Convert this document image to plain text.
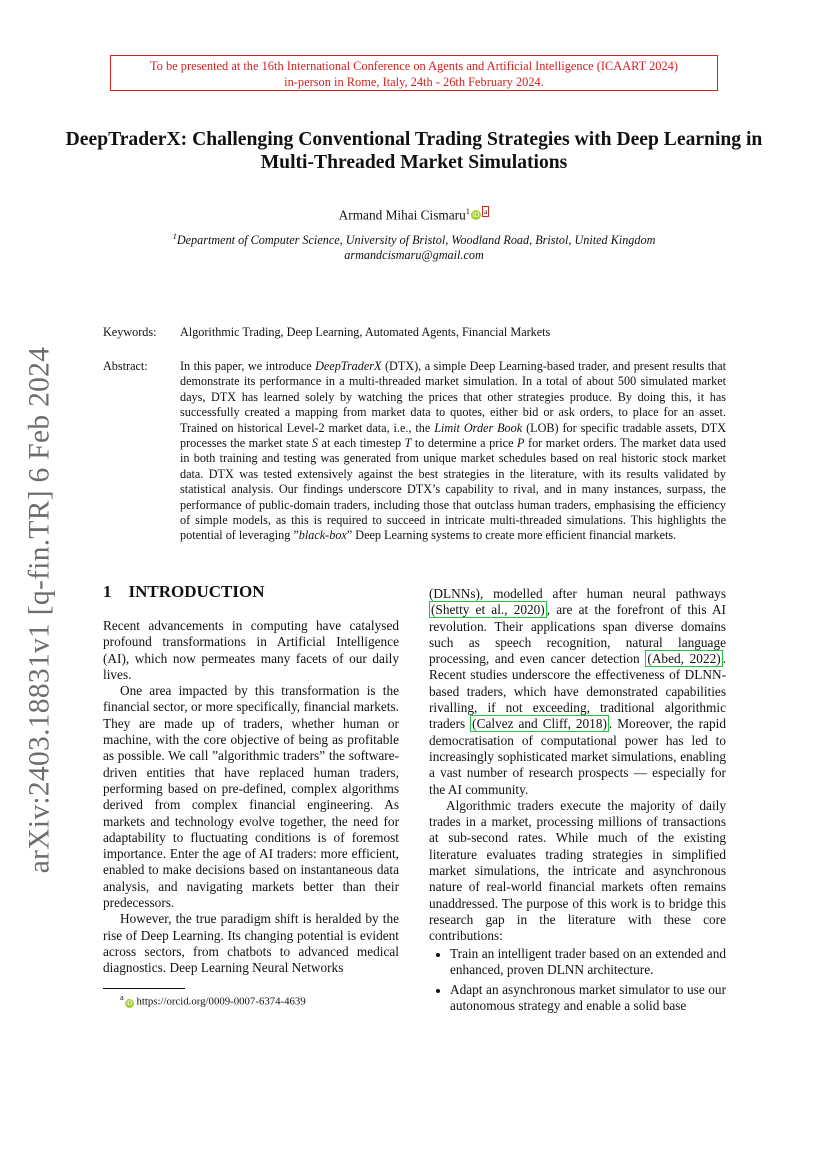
arXiv:2403.18831v1 [q-fin.TR] 6 Feb 2024
To be presented at the 16th International Conference on Agents and Artificial Intelligence (ICAART 2024)
in-person in Rome, Italy, 24th - 26th February 2024.
DeepTraderX: Challenging Conventional Trading Strategies with Deep Learning in Multi-Threaded Market Simulations
Armand Mihai Cismaru$^1$ iD a
$^1$Department of Computer Science, University of Bristol, Woodland Road, Bristol, United Kingdom
armandcismaru@gmail.com
Keywords: Algorithmic Trading, Deep Learning, Automated Agents, Financial Markets
Abstract:	In this paper, we introduce DeepTraderX (DTX), a simple Deep Learning-based trader, and present results that demonstrate its performance in a multi-threaded market simulation. In a total of about 500 simulated market days, DTX has learned solely by watching the prices that other strategies produce. By doing this, it has successfully created a mapping from market data to quotes, either bid or ask orders, to place for an asset. Trained on historical Level-2 market data, i.e., the Limit Order Book (LOB) for specific tradable assets, DTX processes the market state S at each timestep T to determine a price P for market orders. The market data used in both training and testing was generated from unique market schedules based on real historic stock market data. DTX was tested extensively against the best strategies in the literature, with its results validated by statistical analysis. Our findings underscore DTX’s capability to rival, and in many instances, surpass, the performance of public-domain traders, including those that outclass human traders, emphasising the efficiency of simple models, as this is required to succeed in intricate multi-threaded simulations. This highlights the potential of leveraging ”black-box” Deep Learning systems to create more efficient financial markets.
1 INTRODUCTION

Recent advancements in computing have catalysed profound transformations in Artificial Intelligence (AI), which now permeates many facets of our daily lives.

One area impacted by this transformation is the financial sector, or more specifically, financial markets. They are made up of traders, whether human or machine, with the core objective of being as profitable as possible. We call ”algorithmic traders” the software-driven entities that have replaced human traders, performing based on pre-defined, complex algorithms derived from complex financial engineering. As markets and technology evolve together, the need for adaptability to fluctuating conditions is of foremost importance. Enter the age of AI traders: more efficient, enabled to make decisions based on instantaneous data analysis, and navigating markets better than their predecessors.

However, the true paradigm shift is heralded by the rise of Deep Learning. Its changing potential is evident across sectors, from chatbots to advanced medical diagnostics. Deep Learning Neural Networks

(DLNNs), modelled after human neural pathways (Shetty et al., 2020) , are at the forefront of this AI revolution. Their applications span diverse domains such as speech recognition, natural language processing, and even cancer detection (Abed, 2022) . Recent studies underscore the effectiveness of DLNN-based traders, which have demonstrated capabilities rivalling, if not exceeding, traditional algorithmic traders (Calvez and Cliff, 2018) . Moreover, the rapid democratisation of computational power has led to increasingly sophisticated market simulations, enabling a vast number of research prospects — especially for the AI community.

Algorithmic traders execute the majority of daily trades in a market, processing millions of transactions at sub-second rates. While much of the existing literature evaluates trading strategies in simplified market simulations, the intricate and asynchronous nature of real-world financial markets often remains unaddressed. The purpose of this work is to bridge this research gap in the literature with these core contributions:

• Train an intelligent trader based on an extended and enhanced, proven DLNN architecture.
• Adapt an asynchronous market simulator to use our autonomous strategy and enable a solid base
$^a$iD https://orcid.org/0009-0007-6374-4639
